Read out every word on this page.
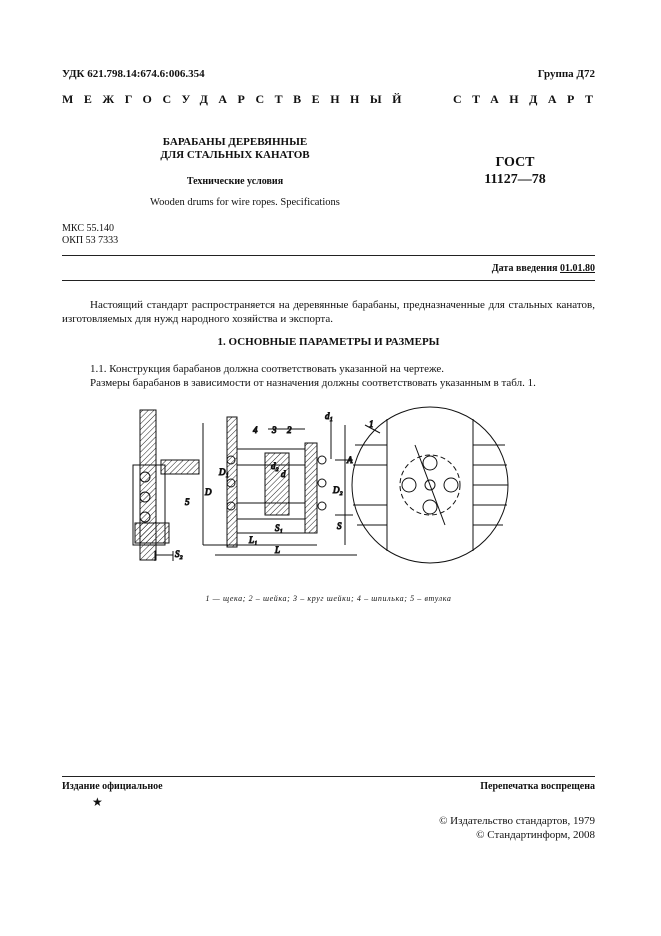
УДК 621.798.14:674.6:006.354	Группа Д72
МЕЖГОСУДАРСТВЕННЫЙ	СТАНДАРТ
БАРАБАНЫ ДЕРЕВЯННЫЕ
ДЛЯ СТАЛЬНЫХ КАНАТОВ
Технические условия
ГОСТ
11127—78
Wooden drums for wire ropes. Specifications
МКС 55.140
ОКП 53 7333
Дата введения 01.01.80
Настоящий стандарт распространяется на деревянные барабаны, предназначенные для стальных канатов, изготовляемых для нужд народного хозяйства и экспорта.
1. ОСНОВНЫЕ ПАРАМЕТРЫ И РАЗМЕРЫ
1.1. Конструкция барабанов должна соответствовать указанной на чертеже.
Размеры барабанов в зависимости от назначения должны соответствовать указанным в табл. 1.
5
S₂
D
D₁
4 3 2
d₁
d₂
d
D₂
A
S₁	S
L₁
L
1
1 — щека; 2 – шейка; 3 – круг шейки; 4 – шпилька; 5 – втулка
Издание официальное
★
Перепечатка воспрещена
© Издательство стандартов, 1979
© Стандартинформ, 2008
